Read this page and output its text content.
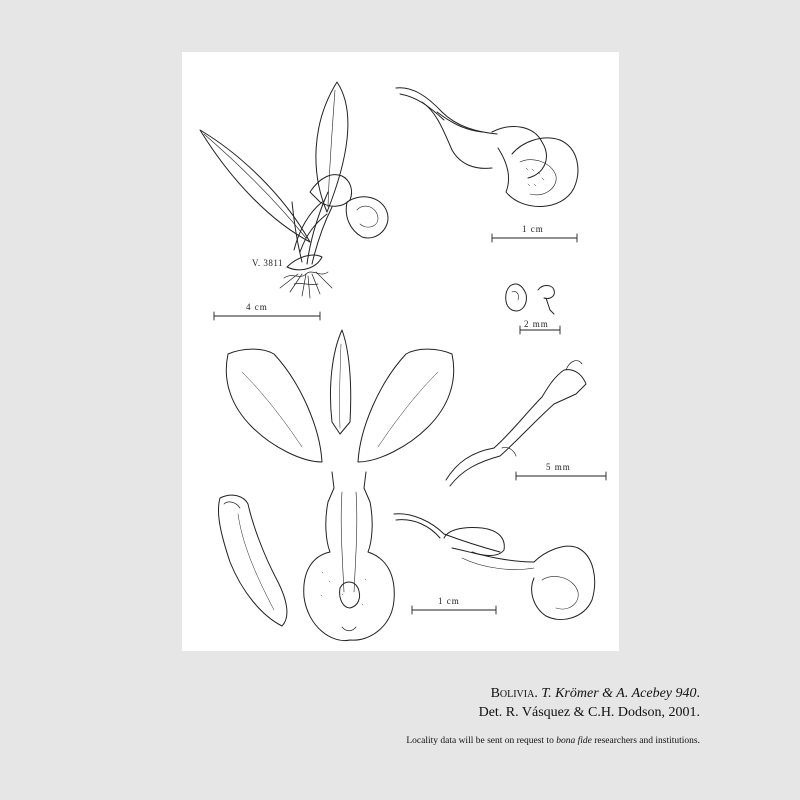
1 cm
V. 3811
4 cm
2 mm
5 mm
1 cm
Bolivia. T. Krömer & A. Acebey 940.
Det. R. Vásquez & C.H. Dodson, 2001.
Locality data will be sent on request to bona fide researchers and institutions.
